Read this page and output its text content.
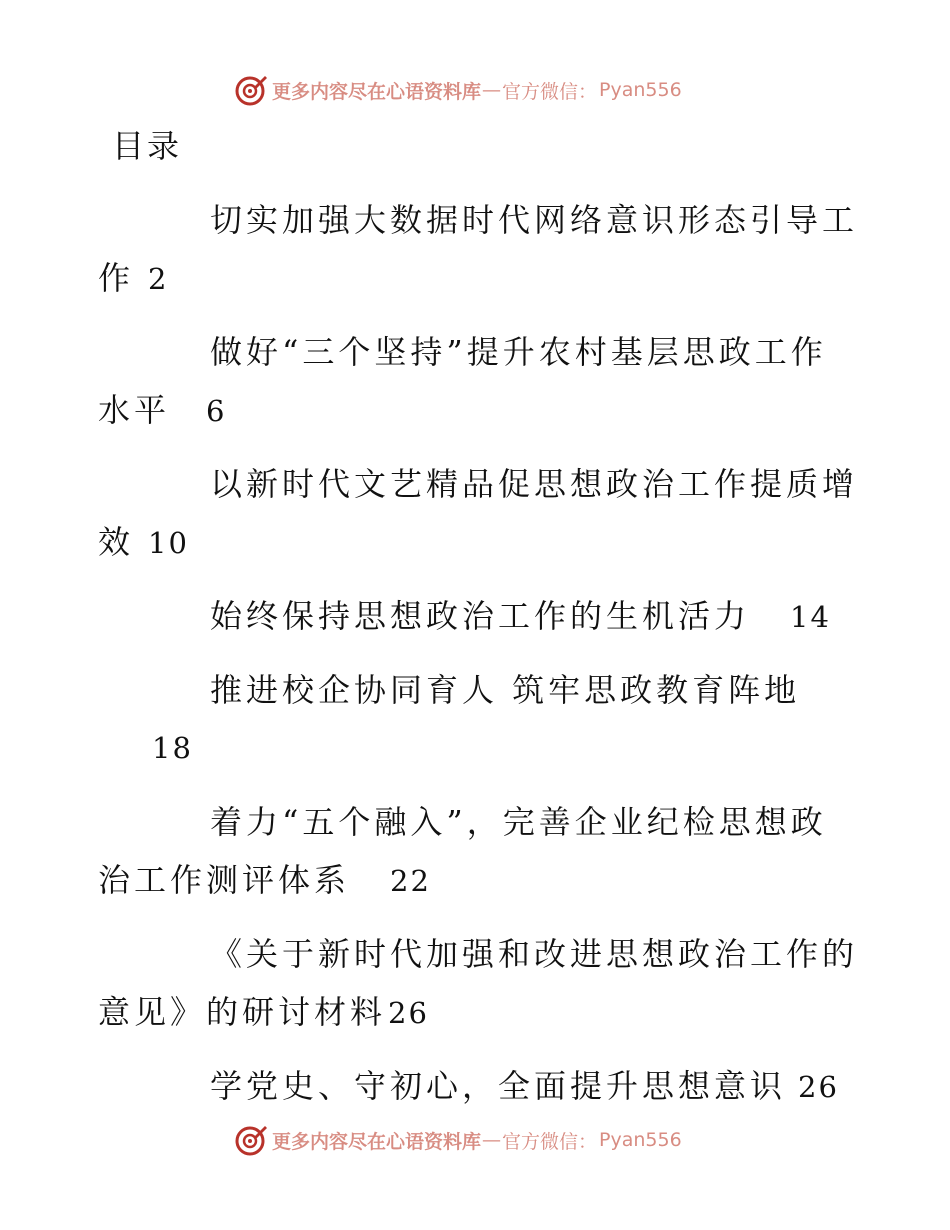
更多内容尽在心语资料库 — 官方微信： Pyan556
目录
切实加强大数据时代网络意识形态引导工
作 2
做好“三个坚持”提升农村基层思政工作
水平 6
以新时代文艺精品促思想政治工作提质增
效 10
始终保持思想政治工作的生机活力 14
推进校企协同育人 筑牢思政教育阵地
18
着力“五个融入”，完善企业纪检思想政
治工作测评体系 22
《关于新时代加强和改进思想政治工作的
意见》的研讨材料26
学党史、守初心，全面提升思想意识 26
更多内容尽在心语资料库 — 官方微信： Pyan556
